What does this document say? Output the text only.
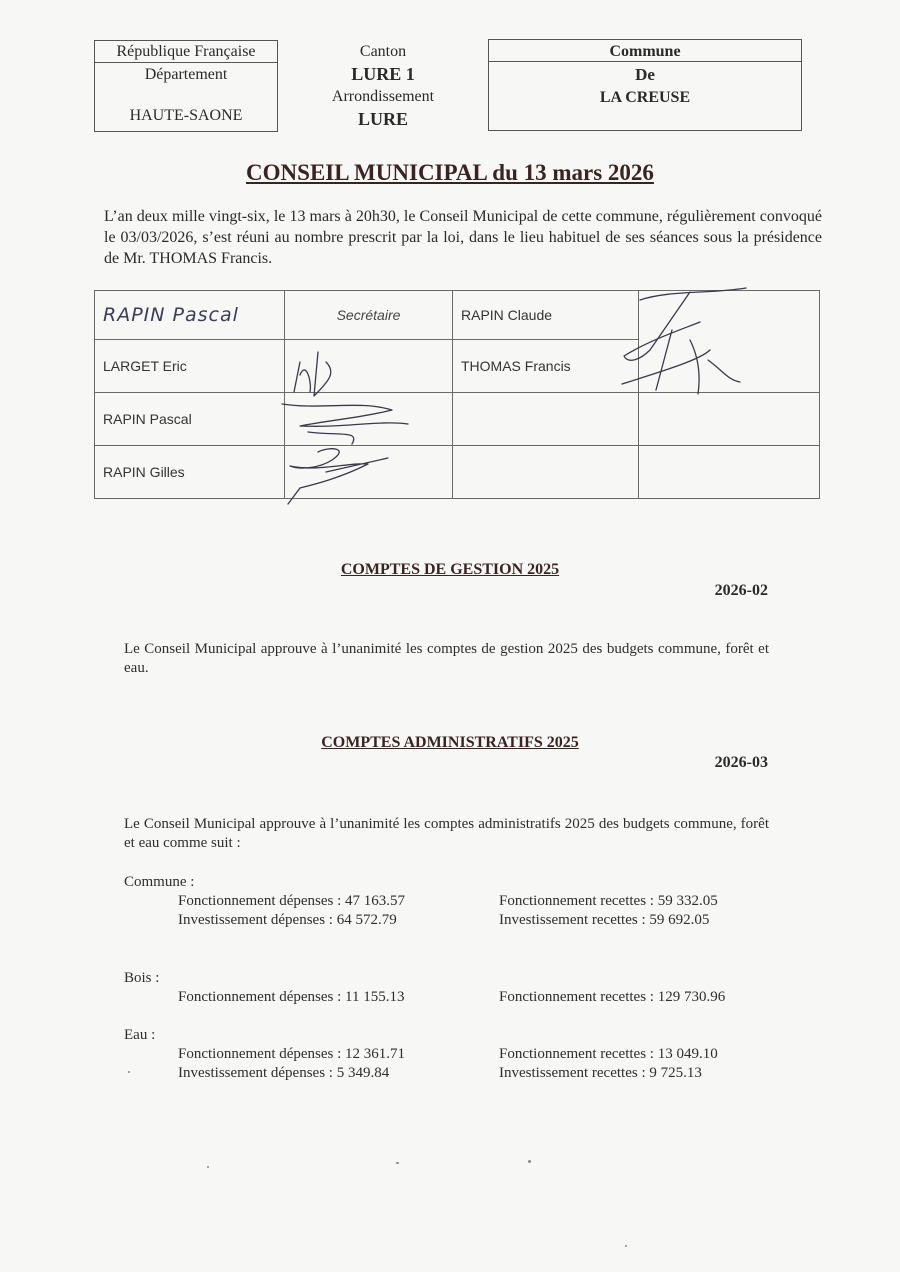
République Française
Département
HAUTE-SAONE
Canton
LURE 1
Arrondissement
LURE
Commune
De
LA CREUSE
CONSEIL MUNICIPAL du 13 mars 2026
L’an deux mille vingt-six, le 13 mars à 20h30, le Conseil Municipal de cette commune, régulièrement convoqué le 03/03/2026, s’est réuni au nombre prescrit par la loi, dans le lieu habituel de ses séances sous la présidence de Mr. THOMAS Francis.
RAPIN Pascal	Secrétaire	RAPIN Claude	
LARGET Eric		THOMAS Francis	
RAPIN Pascal			
RAPIN Gilles			
COMPTES DE GESTION 2025
2026-02
Le Conseil Municipal approuve à l’unanimité les comptes de gestion 2025 des budgets commune, forêt et eau.
COMPTES ADMINISTRATIFS 2025
2026-03
Le Conseil Municipal approuve à l’unanimité les comptes administratifs 2025 des budgets commune, forêt et eau comme suit :
Commune :
Fonctionnement dépenses : 47 163.57	Fonctionnement recettes : 59 332.05
Investissement dépenses : 64 572.79	Investissement recettes : 59 692.05
Bois :
Fonctionnement dépenses : 11 155.13	Fonctionnement recettes : 129 730.96
Eau :
Fonctionnement dépenses : 12 361.71	Fonctionnement recettes : 13 049.10
Investissement dépenses : 5 349.84	Investissement recettes : 9 725.13
